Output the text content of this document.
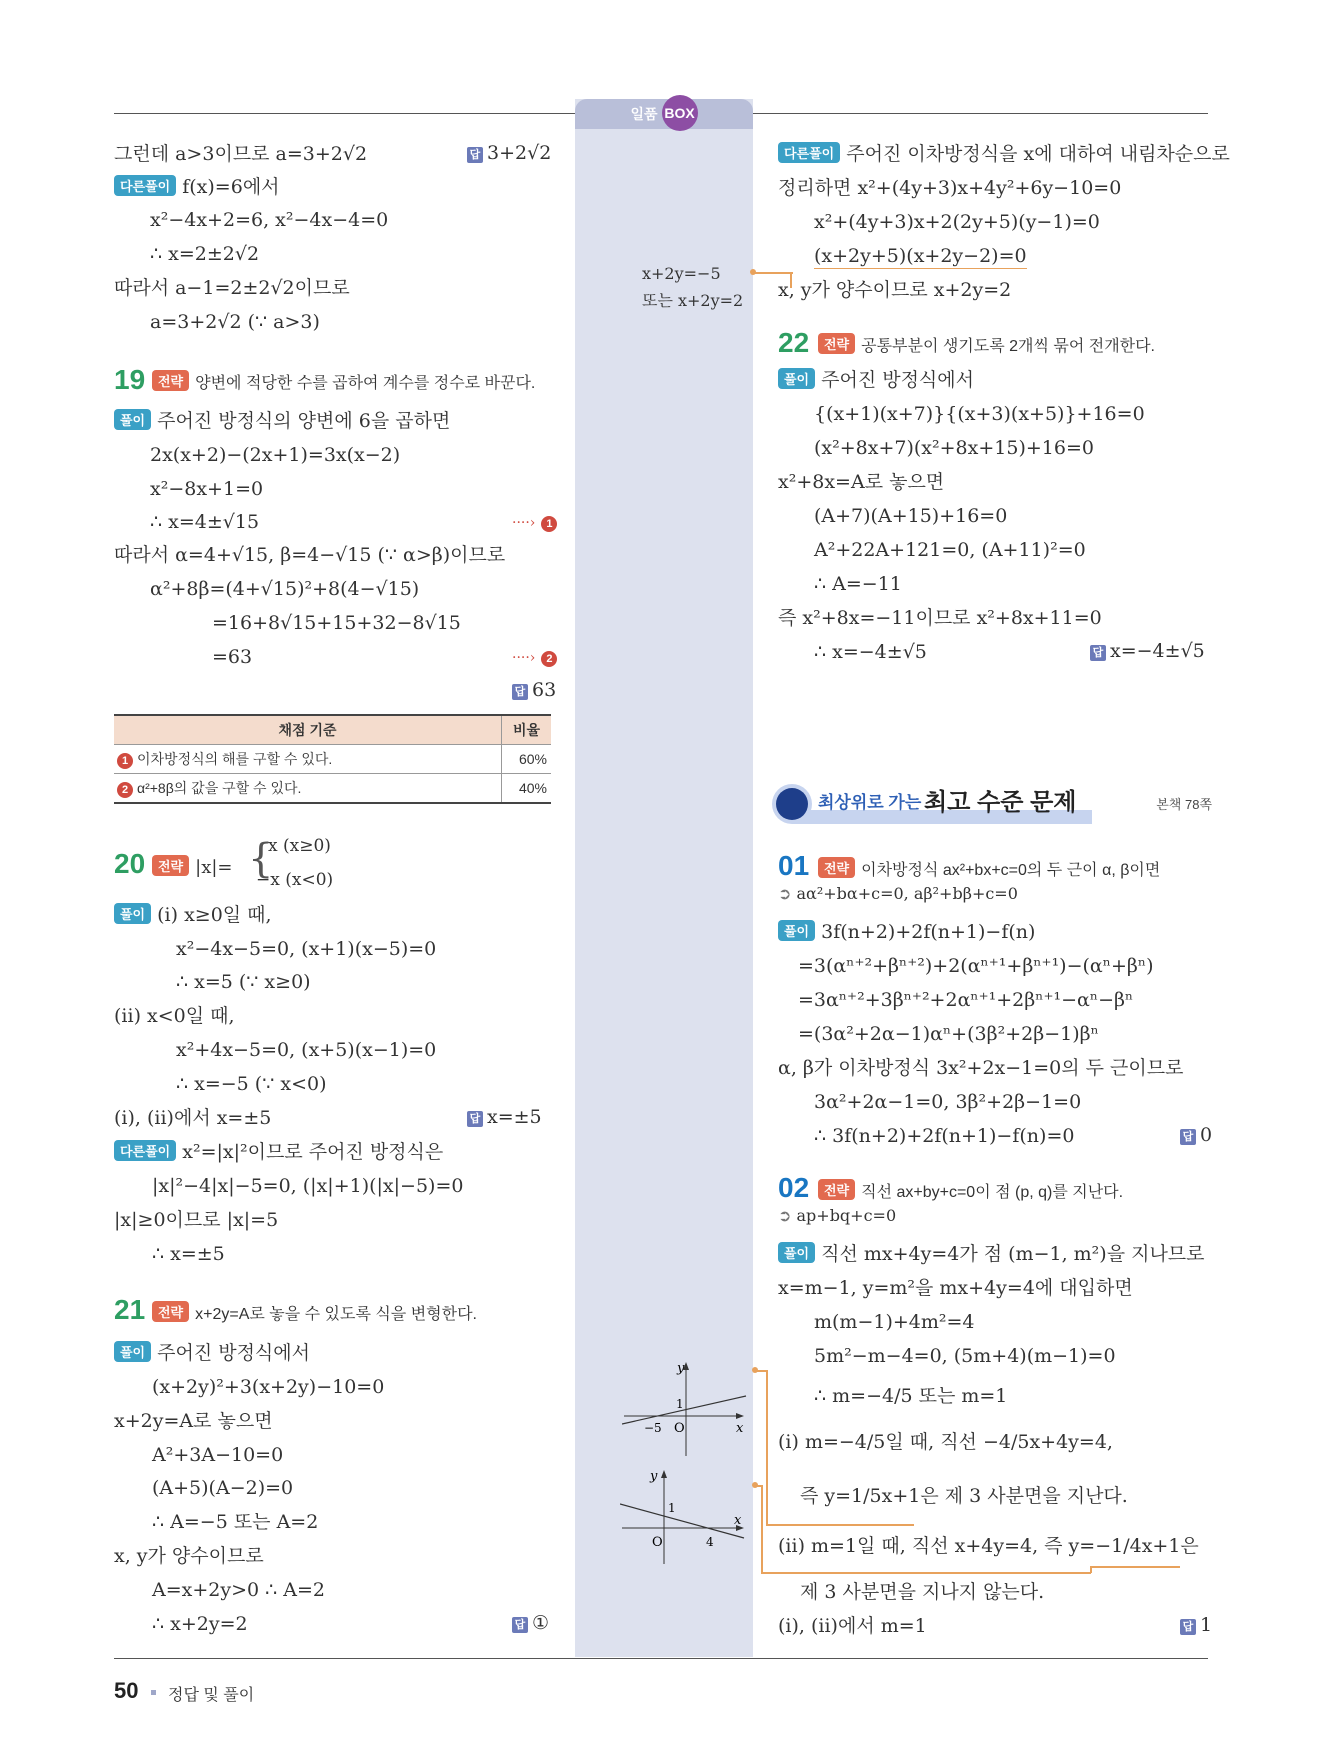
일품 BOX
그런데 a>3이므로 a=3+2√2	답 3+2√2
다른풀이 f(x)=6에서
x²−4x+2=6, x²−4x−4=0
∴ x=2±2√2
따라서 a−1=2±2√2이므로
a=3+2√2 (∵ a>3)
19 전략 양변에 적당한 수를 곱하여 계수를 정수로 바꾼다.
풀이 주어진 방정식의 양변에 6을 곱하면
2x(x+2)−(2x+1)=3x(x−2)
x²−8x+1=0
∴ x=4±√15	····› 1
따라서 α=4+√15, β=4−√15 (∵ α>β)이므로
α²+8β=(4+√15)²+8(4−√15)
=16+8√15+15+32−8√15
=63	····› 2
답 63
채점 기준	비율
1 이차방정식의 해를 구할 수 있다.	60%
2 α²+8β의 값을 구할 수 있다.	40%
20 전략 |x|= {
x (x≥0)
−x (x<0)
풀이 (i) x≥0일 때,
x²−4x−5=0, (x+1)(x−5)=0
∴ x=5 (∵ x≥0)
(ii) x<0일 때,
x²+4x−5=0, (x+5)(x−1)=0
∴ x=−5 (∵ x<0)
(i), (ii)에서 x=±5	답 x=±5
다른풀이 x²=|x|²이므로 주어진 방정식은
|x|²−4|x|−5=0, (|x|+1)(|x|−5)=0
|x|≥0이므로 |x|=5
∴ x=±5
21 전략 x+2y=A로 놓을 수 있도록 식을 변형한다.
풀이 주어진 방정식에서
(x+2y)²+3(x+2y)−10=0
x+2y=A로 놓으면
A²+3A−10=0
(A+5)(A−2)=0
∴ A=−5 또는 A=2
x, y가 양수이므로
A=x+2y>0 ∴ A=2
∴ x+2y=2	답 ①
x+2y=−5
또는 x+2y=2
y
x
1
−5 O
y
x
1
4
O
다른풀이 주어진 이차방정식을 x에 대하여 내림차순으로
정리하면 x²+(4y+3)x+4y²+6y−10=0
x²+(4y+3)x+2(2y+5)(y−1)=0
(x+2y+5)(x+2y−2)=0
x, y가 양수이므로 x+2y=2
22	전략 공통부분이 생기도록 2개씩 묶어 전개한다.
풀이 주어진 방정식에서
{(x+1)(x+7)}{(x+3)(x+5)}+16=0
(x²+8x+7)(x²+8x+15)+16=0
x²+8x=A로 놓으면
(A+7)(A+15)+16=0
A²+22A+121=0, (A+11)²=0
∴ A=−11
즉 x²+8x=−11이므로 x²+8x+11=0
∴ x=−4±√5	답 x=−4±√5
최상위로 가는 최고 수준 문제	본책 78쪽
01	전략 이차방정식 ax²+bx+c=0의 두 근이 α, β이면
➲ aα²+bα+c=0, aβ²+bβ+c=0
풀이 3f(n+2)+2f(n+1)−f(n)
=3(αⁿ⁺²+βⁿ⁺²)+2(αⁿ⁺¹+βⁿ⁺¹)−(αⁿ+βⁿ)
=3αⁿ⁺²+3βⁿ⁺²+2αⁿ⁺¹+2βⁿ⁺¹−αⁿ−βⁿ
=(3α²+2α−1)αⁿ+(3β²+2β−1)βⁿ
α, β가 이차방정식 3x²+2x−1=0의 두 근이므로
3α²+2α−1=0, 3β²+2β−1=0
∴ 3f(n+2)+2f(n+1)−f(n)=0	답 0
02	전략 직선 ax+by+c=0이 점 (p, q)를 지난다.
➲ ap+bq+c=0
풀이 직선 mx+4y=4가 점 (m−1, m²)을 지나므로
x=m−1, y=m²을 mx+4y=4에 대입하면
m(m−1)+4m²=4
5m²−m−4=0, (5m+4)(m−1)=0
∴ m=−4/5 또는 m=1
(i) m=−4/5일 때, 직선 −4/5x+4y=4,
즉 y=1/5x+1은 제 3 사분면을 지난다.
(ii) m=1일 때, 직선 x+4y=4, 즉 y=−1/4x+1은
제 3 사분면을 지나지 않는다.
(i), (ii)에서 m=1	답 1
50 정답 및 풀이
